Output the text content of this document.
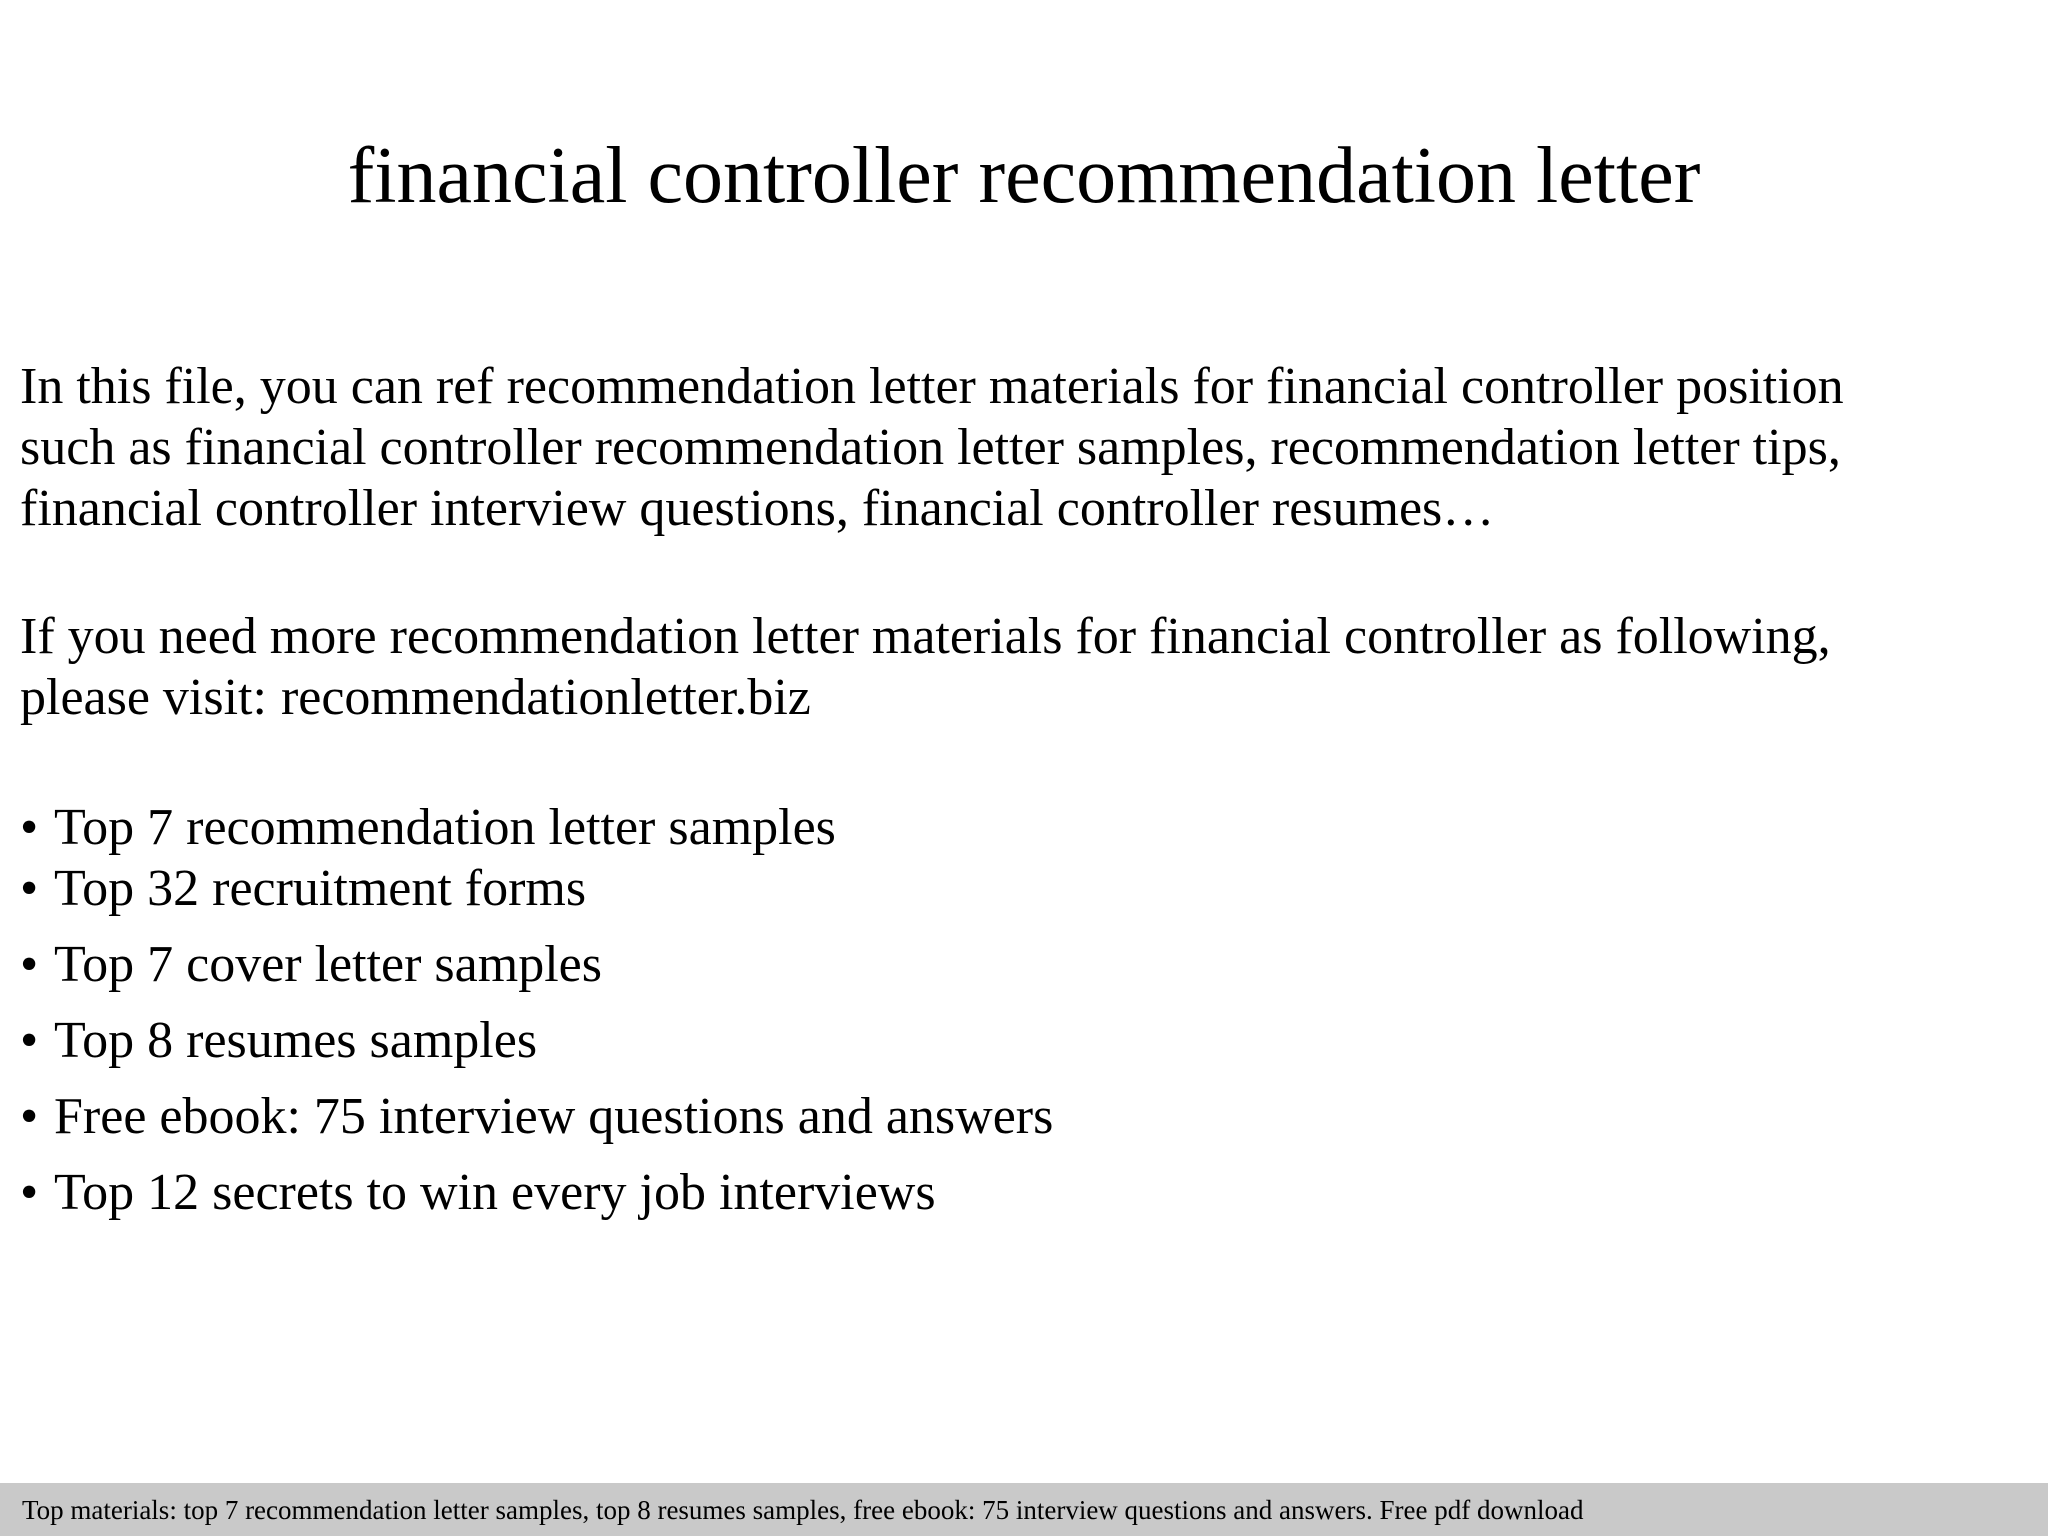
financial controller recommendation letter

In this file, you can ref recommendation letter materials for financial controller position
such as financial controller recommendation letter samples, recommendation letter tips,
financial controller interview questions, financial controller resumes…

If you need more recommendation letter materials for financial controller as following,
please visit: recommendationletter.biz

• Top 7 recommendation letter samples
• Top 32 recruitment forms
• Top 7 cover letter samples
• Top 8 resumes samples
• Free ebook: 75 interview questions and answers
• Top 12 secrets to win every job interviews
Top materials: top 7 recommendation letter samples, top 8 resumes samples, free ebook: 75 interview questions and answers. Free pdf download
